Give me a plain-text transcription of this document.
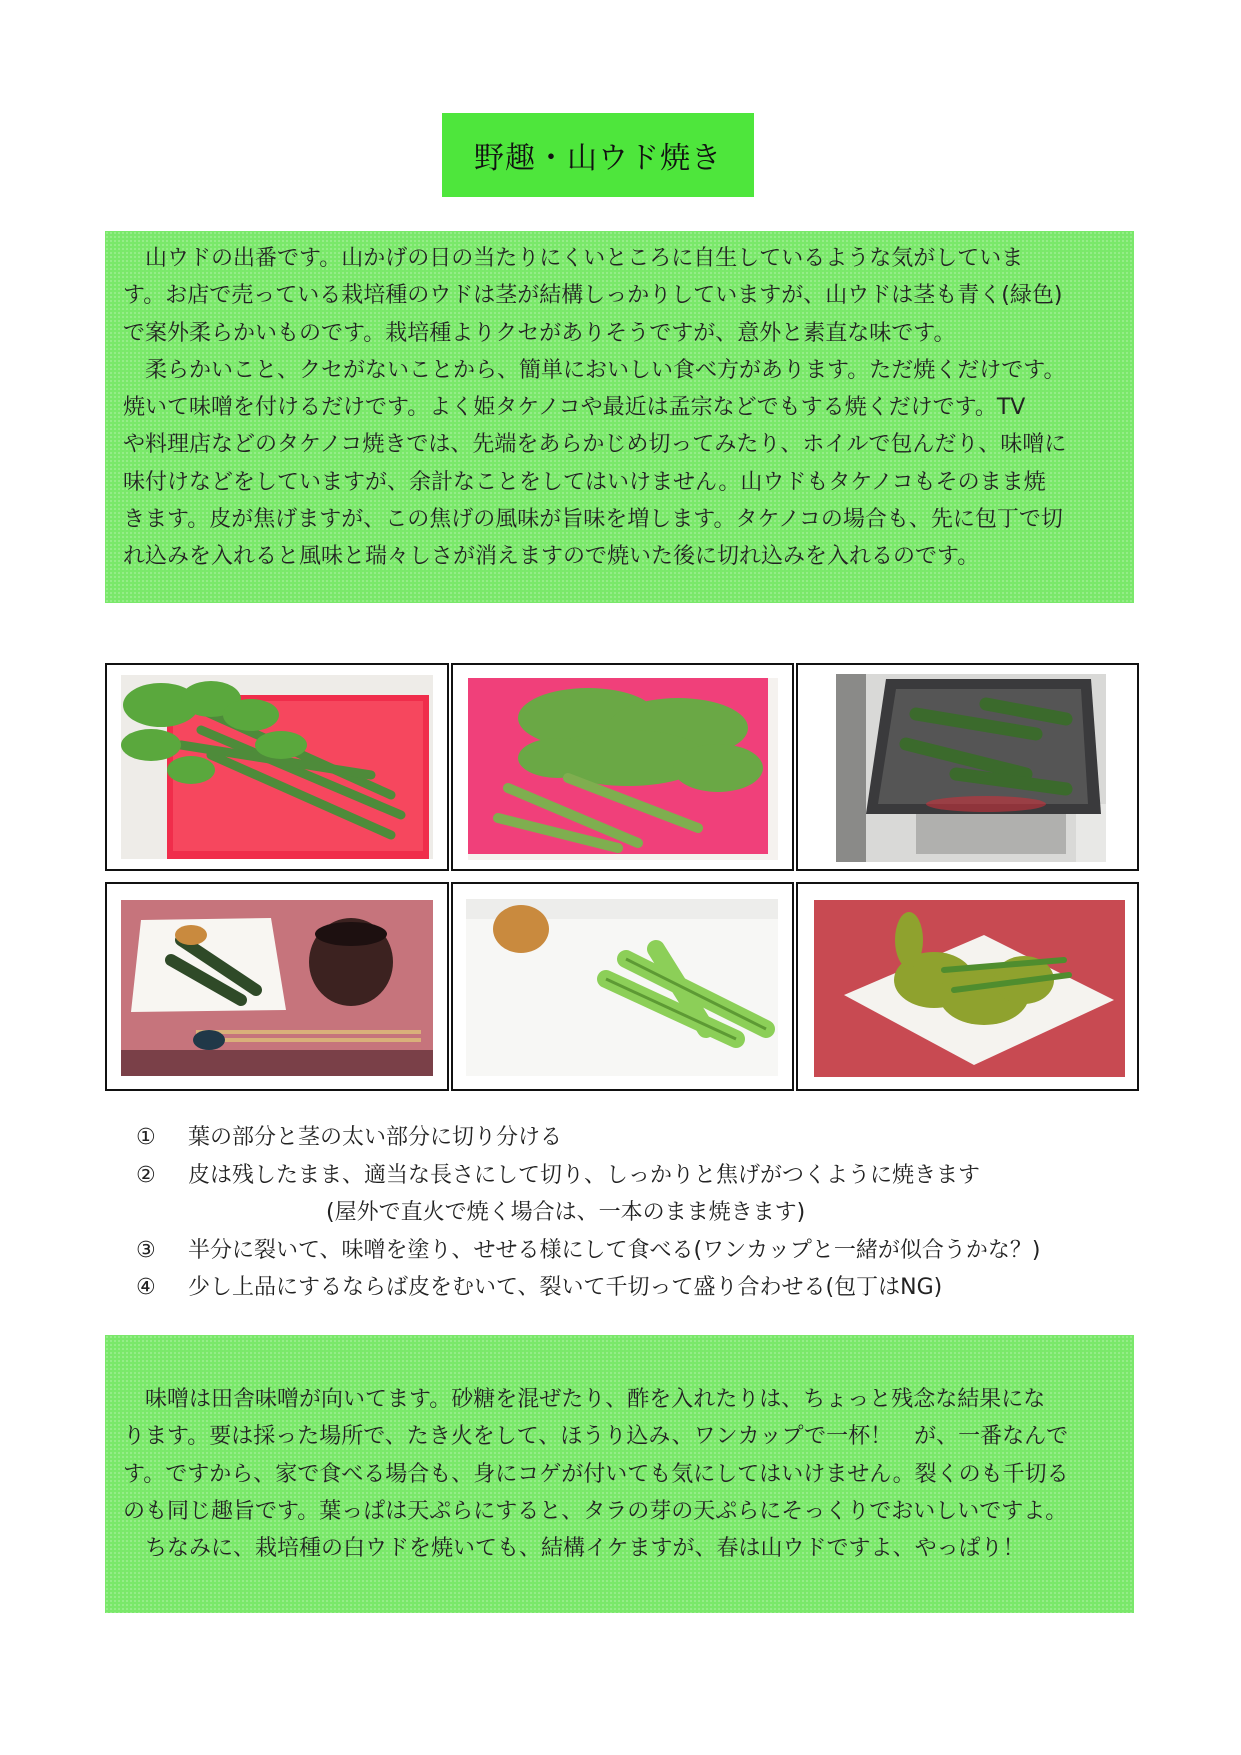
野趣・山ウド焼き
山ウドの出番です。山かげの日の当たりにくいところに自生しているような気がしていま
す。お店で売っている栽培種のウドは茎が結構しっかりしていますが、山ウドは茎も青く(緑色)
で案外柔らかいものです。栽培種よりクセがありそうですが、意外と素直な味です。
柔らかいこと、クセがないことから、簡単においしい食べ方があります。ただ焼くだけです。
焼いて味噌を付けるだけです。よく姫タケノコや最近は孟宗などでもする焼くだけです。TV
や料理店などのタケノコ焼きでは、先端をあらかじめ切ってみたり、ホイルで包んだり、味噌に
味付けなどをしていますが、余計なことをしてはいけません。山ウドもタケノコもそのまま焼
きます。皮が焦げますが、この焦げの風味が旨味を増します。タケノコの場合も、先に包丁で切
れ込みを入れると風味と瑞々しさが消えますので焼いた後に切れ込みを入れるのです。
① 葉の部分と茎の太い部分に切り分ける
② 皮は残したまま、適当な長さにして切り、しっかりと焦げがつくように焼きます
(屋外で直火で焼く場合は、一本のまま焼きます)
③ 半分に裂いて、味噌を塗り、せせる様にして食べる(ワンカップと一緒が似合うかな？)
④ 少し上品にするならば皮をむいて、裂いて千切って盛り合わせる(包丁はNG)
味噌は田舎味噌が向いてます。砂糖を混ぜたり、酢を入れたりは、ちょっと残念な結果にな
ります。要は採った場所で、たき火をして、ほうり込み、ワンカップで一杯！　が、一番なんで
す。ですから、家で食べる場合も、身にコゲが付いても気にしてはいけません。裂くのも千切る
のも同じ趣旨です。葉っぱは天ぷらにすると、タラの芽の天ぷらにそっくりでおいしいですよ。
ちなみに、栽培種の白ウドを焼いても、結構イケますが、春は山ウドですよ、やっぱり！
